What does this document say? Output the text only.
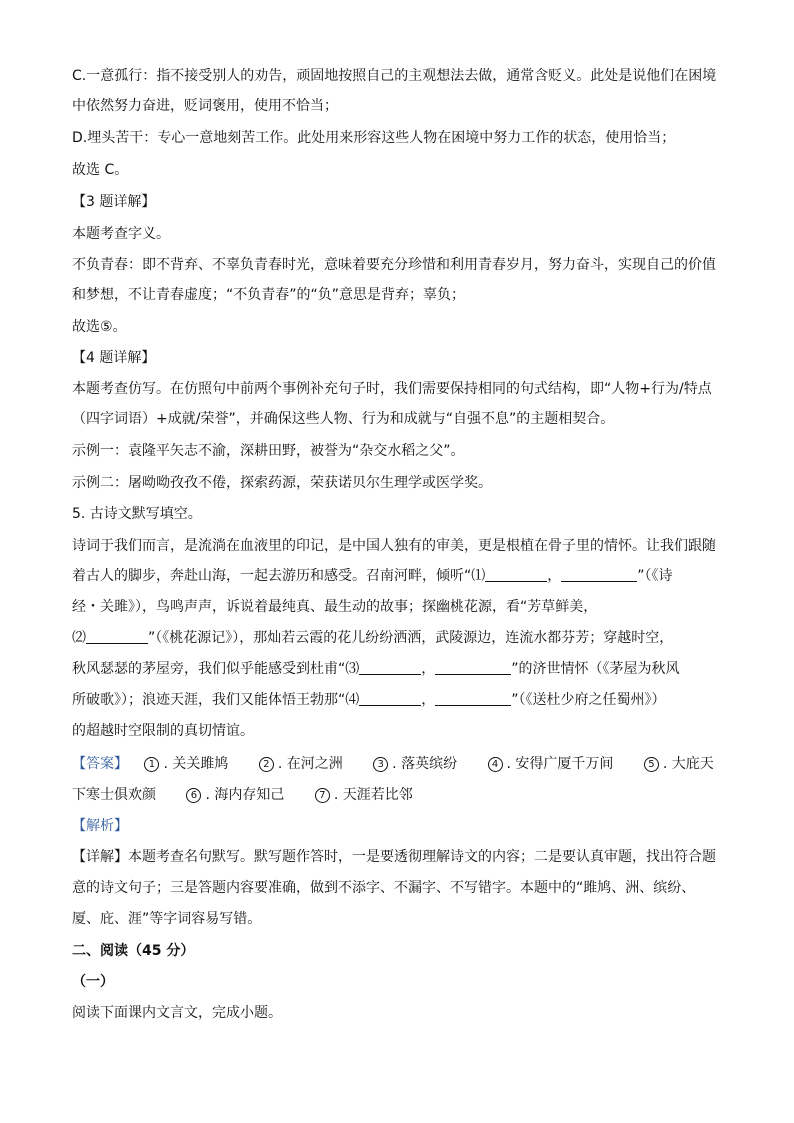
C.一意孤行：指不接受别人的劝告，顽固地按照自己的主观想法去做，通常含贬义。此处是说他们在困境
中依然努力奋进，贬词褒用，使用不恰当；
D.埋头苦干：专心一意地刻苦工作。此处用来形容这些人物在困境中努力工作的状态，使用恰当；
故选 C。
【3 题详解】
本题考查字义。
不负青春：即不背弃、不辜负青春时光，意味着要充分珍惜和利用青春岁月，努力奋斗，实现自己的价值
和梦想，不让青春虚度；“不负青春”的“负”意思是背弃；辜负；
故选⑤。
【4 题详解】
本题考查仿写。在仿照句中前两个事例补充句子时，我们需要保持相同的句式结构，即“人物+行为/特点
（四字词语）+成就/荣誉”，并确保这些人物、行为和成就与“自强不息”的主题相契合。
示例一：袁隆平矢志不渝，深耕田野，被誉为“杂交水稻之父”。
示例二：屠呦呦孜孜不倦，探索药源，荣获诺贝尔生理学或医学奖。
5. 古诗文默写填空。
诗词于我们而言，是流淌在血液里的印记，是中国人独有的审美，更是根植在骨子里的情怀。让我们跟随
着古人的脚步，奔赴山海，一起去游历和感受。召南河畔，倾听“⑴	，	”（《诗
经・关雎》），鸟鸣声声，诉说着最纯真、最生动的故事；探幽桃花源，看“芳草鲜美，
⑵	”（《桃花源记》），那灿若云霞的花儿纷纷洒洒，武陵源边，连流水都芬芳；穿越时空，
秋风瑟瑟的茅屋旁，我们似乎能感受到杜甫“⑶	，	”的济世情怀（《茅屋为秋风
所破歌》）；浪迹天涯，我们又能体悟王勃那“⑷	，	”（《送杜少府之任蜀州》）
的超越时空限制的真切情谊。
【答案】 1 . 关关雎鸠	2 . 在河之洲	3 . 落英缤纷	4 . 安得广厦千万间	5 . 大庇天
下寒士俱欢颜	6 . 海内存知己	7 . 天涯若比邻
【解析】
【详解】本题考查名句默写。默写题作答时，一是要透彻理解诗文的内容；二是要认真审题，找出符合题
意的诗文句子；三是答题内容要准确，做到不添字、不漏字、不写错字。本题中的“雎鸠、洲、缤纷、
厦、庇、涯”等字词容易写错。
二、阅读（45 分）
（一）
阅读下面课内文言文，完成小题。
